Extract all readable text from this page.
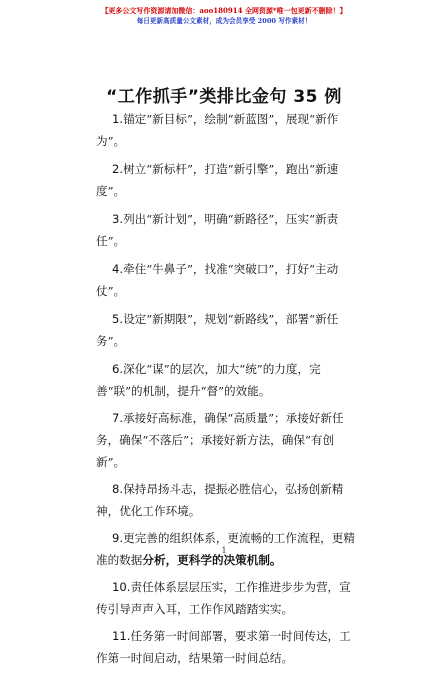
【更多公文写作资源请加微信：aoo180914 全网资源*唯一包更新不删除！】
每日更新高质量公文素材，成为会员享受 2000 写作素材！
“工作抓手”类排比金句 35 例

1.锚定“新目标”，绘制“新蓝图”，展现“新作为”。

2.树立“新标杆”，打造“新引擎”，跑出“新速度”。

3.列出“新计划”，明确“新路径”，压实“新责任”。

4.牵住“牛鼻子”，找准“突破口”，打好“主动仗”。

5.设定“新期限”，规划“新路线”，部署“新任务”。

6.深化“谋”的层次，加大“统”的力度，完善“联”的机制，提升“督”的效能。

7.承接好高标准，确保“高质量”；承接好新任务，确保“不落后”；承接好新方法，确保“有创新”。

8.保持昂扬斗志，提振必胜信心，弘扬创新精神，优化工作环境。

9.更完善的组织体系，更流畅的工作流程，更精准的数据分析，更科学的决策机制。

10.责任体系层层压实，工作推进步步为营，宣传引导声声入耳，工作作风踏踏实实。

11.任务第一时间部署，要求第一时间传达，工作第一时间启动，结果第一时间总结。

1
